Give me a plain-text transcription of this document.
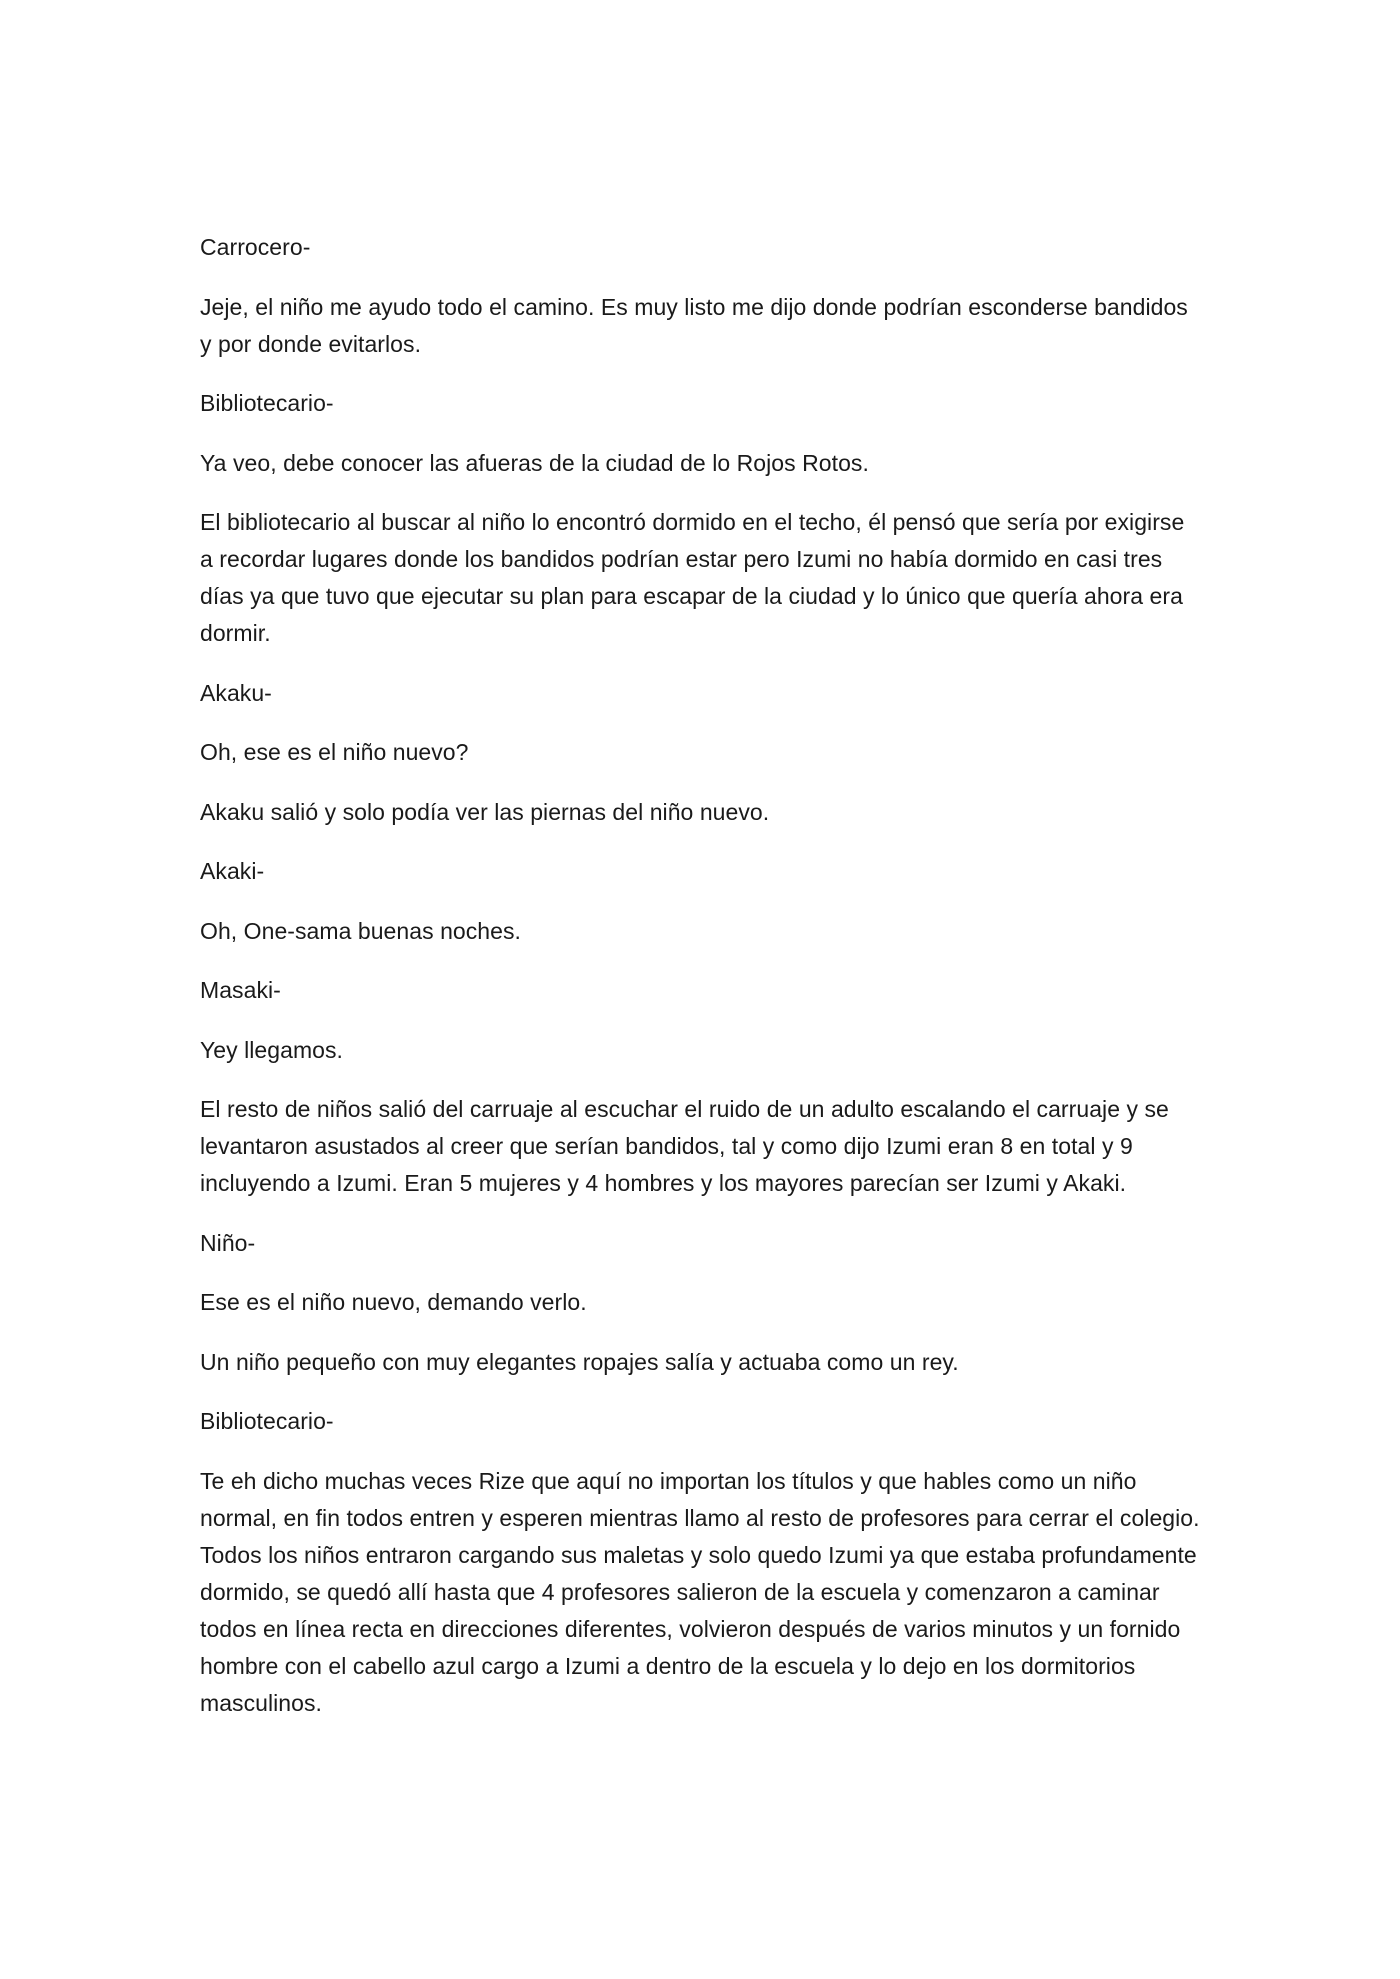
Carrocero-

Jeje, el niño me ayudo todo el camino. Es muy listo me dijo donde podrían esconderse bandidos y por donde evitarlos.

Bibliotecario-

Ya veo, debe conocer las afueras de la ciudad de lo Rojos Rotos.

El bibliotecario al buscar al niño lo encontró dormido en el techo, él pensó que sería por exigirse a recordar lugares donde los bandidos podrían estar pero Izumi no había dormido en casi tres días ya que tuvo que ejecutar su plan para escapar de la ciudad y lo único que quería ahora era dormir.

Akaku-

Oh, ese es el niño nuevo?

Akaku salió y solo podía ver las piernas del niño nuevo.

Akaki-

Oh, One-sama buenas noches.

Masaki-

Yey llegamos.

El resto de niños salió del carruaje al escuchar el ruido de un adulto escalando el carruaje y se levantaron asustados al creer que serían bandidos, tal y como dijo Izumi eran 8 en total y 9 incluyendo a Izumi. Eran 5 mujeres y 4 hombres y los mayores parecían ser Izumi y Akaki.

Niño-

Ese es el niño nuevo, demando verlo.

Un niño pequeño con muy elegantes ropajes salía y actuaba como un rey.

Bibliotecario-

Te eh dicho muchas veces Rize que aquí no importan los títulos y que hables como un niño normal, en fin todos entren y esperen mientras llamo al resto de profesores para cerrar el colegio. Todos los niños entraron cargando sus maletas y solo quedo Izumi ya que estaba profundamente dormido, se quedó allí hasta que 4 profesores salieron de la escuela y comenzaron a caminar todos en línea recta en direcciones diferentes, volvieron después de varios minutos y un fornido hombre con el cabello azul cargo a Izumi a dentro de la escuela y lo dejo en los dormitorios masculinos.
